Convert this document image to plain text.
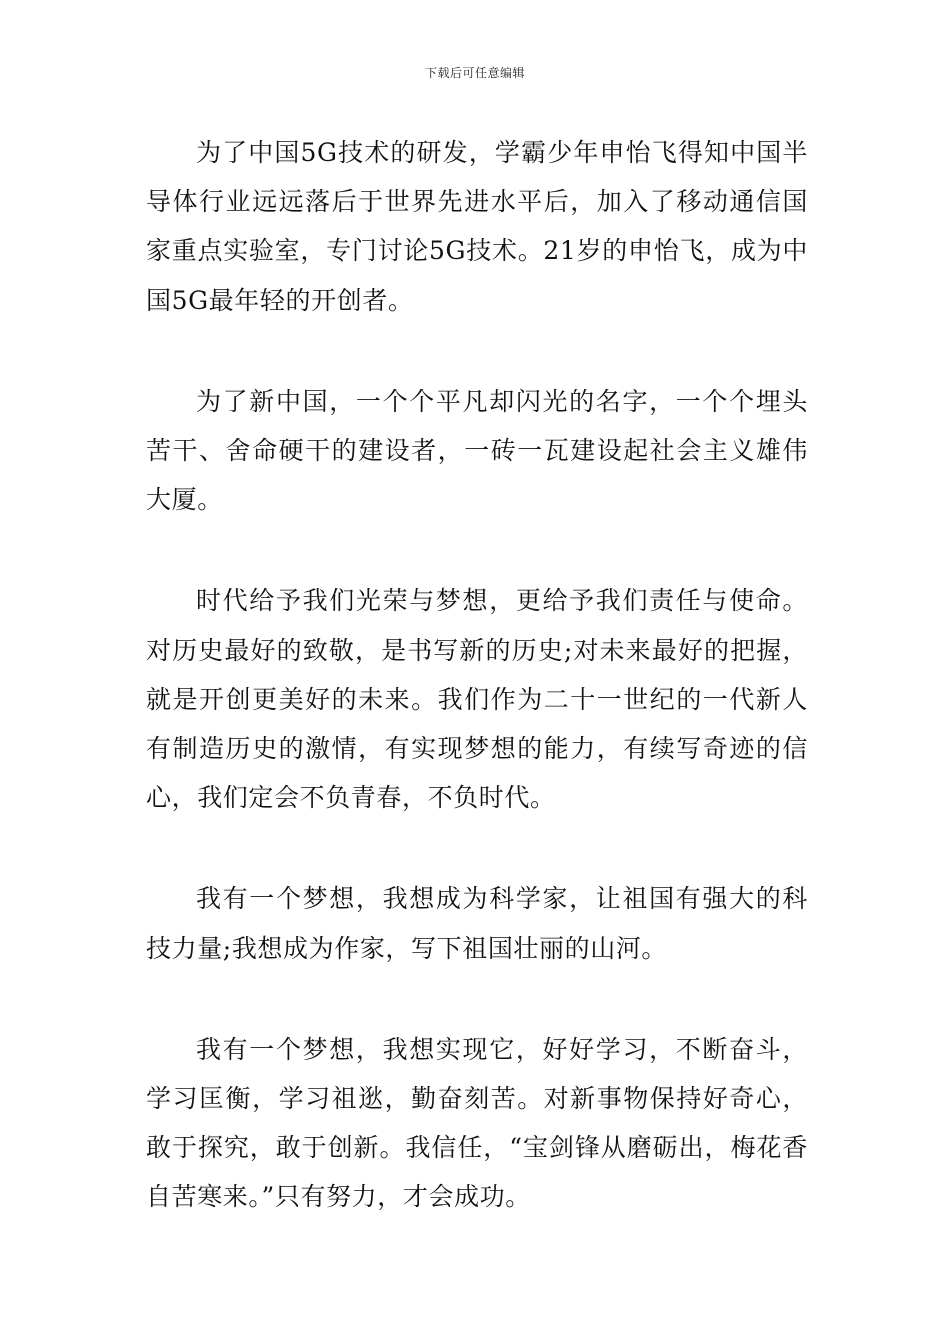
下载后可任意编辑

为了中国5G技术的研发，学霸少年申怡飞得知中国半导体行业远远落后于世界先进水平后，加入了移动通信国家重点实验室，专门讨论5G技术。21岁的申怡飞，成为中国5G最年轻的开创者。

为了新中国，一个个平凡却闪光的名字，一个个埋头苦干、舍命硬干的建设者，一砖一瓦建设起社会主义雄伟大厦。

时代给予我们光荣与梦想，更给予我们责任与使命。对历史最好的致敬，是书写新的历史;对未来最好的把握，就是开创更美好的未来。我们作为二十一世纪的一代新人有制造历史的激情，有实现梦想的能力，有续写奇迹的信心，我们定会不负青春，不负时代。

我有一个梦想，我想成为科学家，让祖国有强大的科技力量;我想成为作家，写下祖国壮丽的山河。

我有一个梦想，我想实现它，好好学习，不断奋斗，学习匡衡，学习祖逖，勤奋刻苦。对新事物保持好奇心，敢于探究，敢于创新。我信任，“宝剑锋从磨砺出，梅花香自苦寒来。”只有努力，才会成功。
